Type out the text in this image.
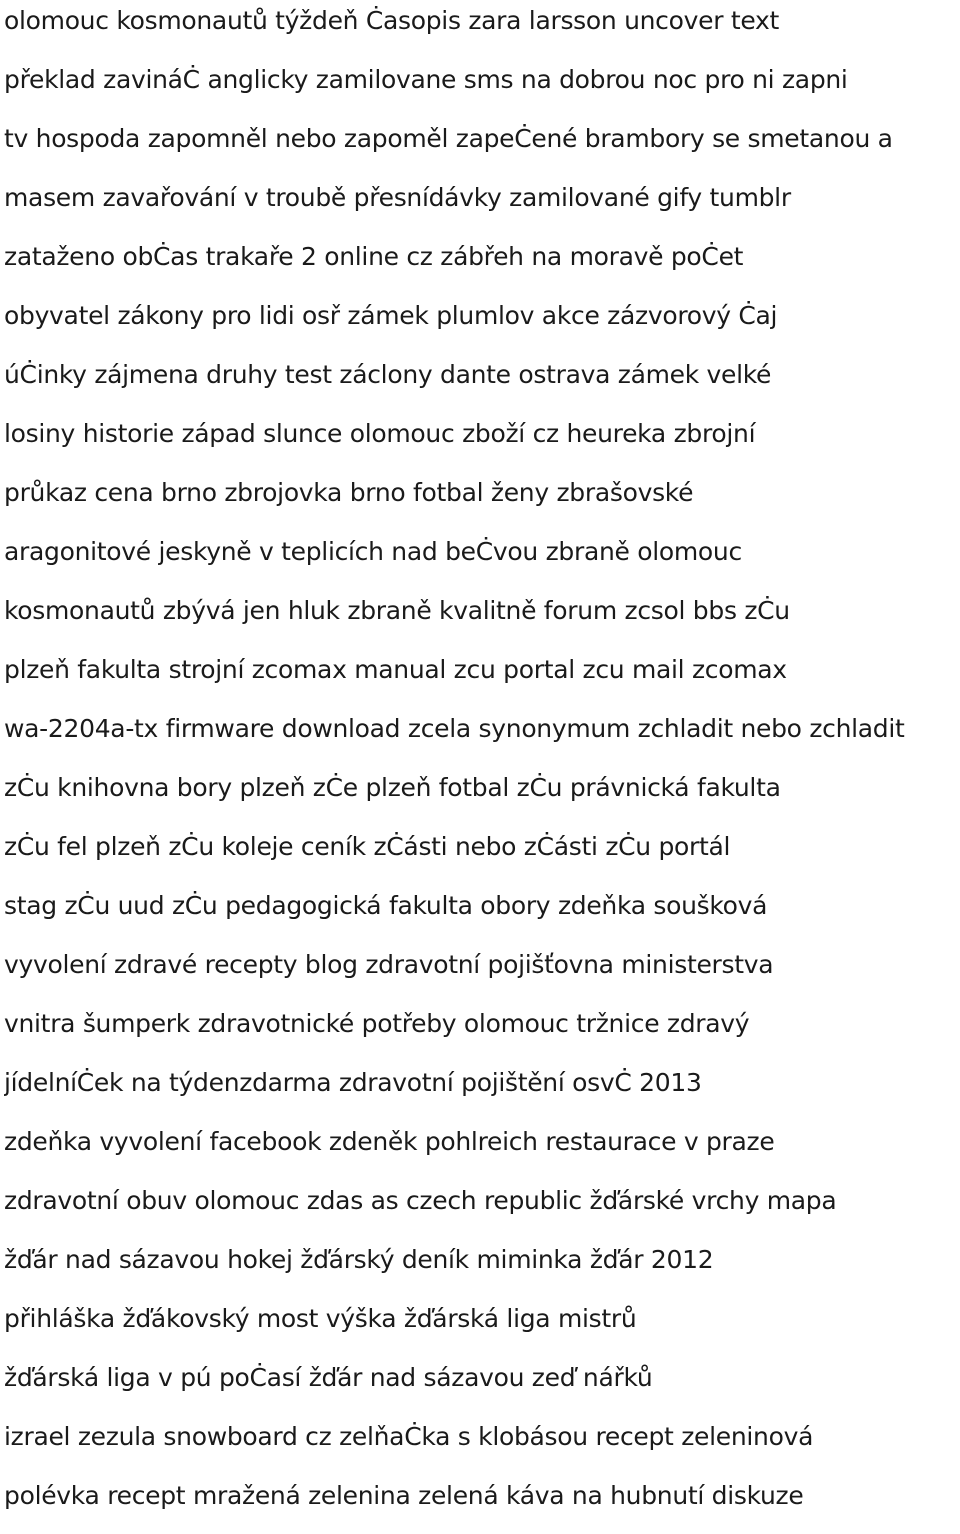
olomouc kosmonautů týždeň Ċasopis zara larsson uncover text
překlad zavináĊ anglicky zamilovane sms na dobrou noc pro ni zapni
tv hospoda zapomněl nebo zapoměl zapeĊené brambory se smetanou a
masem zavařování v troubě přesnídávky zamilované gify tumblr
zataženo obĊas trakaře 2 online cz zábřeh na moravě poĊet
obyvatel zákony pro lidi osř zámek plumlov akce zázvorový Ċaj
úĊinky zájmena druhy test záclony dante ostrava zámek velké
losiny historie západ slunce olomouc zboží cz heureka zbrojní
průkaz cena brno zbrojovka brno fotbal ženy zbrašovské
aragonitové jeskyně v teplicích nad beĊvou zbraně olomouc
kosmonautů zbývá jen hluk zbraně kvalitně forum zcsol bbs zĊu
plzeň fakulta strojní zcomax manual zcu portal zcu mail zcomax
wa-2204a-tx firmware download zcela synonymum zchladit nebo zchladit
zĊu knihovna bory plzeň zĊe plzeň fotbal zĊu právnická fakulta
zĊu fel plzeň zĊu koleje ceník zĊásti nebo zĊásti zĊu portál
stag zĊu uud zĊu pedagogická fakulta obory zdeňka soušková
vyvolení zdravé recepty blog zdravotní pojišťovna ministerstva
vnitra šumperk zdravotnické potřeby olomouc tržnice zdravý
jídelníĊek na týdenzdarma zdravotní pojištění osvĊ 2013
zdeňka vyvolení facebook zdeněk pohlreich restaurace v praze
zdravotní obuv olomouc zdas as czech republic žďárské vrchy mapa
žďár nad sázavou hokej žďárský deník miminka žďár 2012
přihláška žďákovský most výška žďárská liga mistrů
žďárská liga v pú poĊasí žďár nad sázavou zeď nářků
izrael zezula snowboard cz zelňaĊka s klobásou recept zeleninová
polévka recept mražená zelenina zelená káva na hubnutí diskuze
